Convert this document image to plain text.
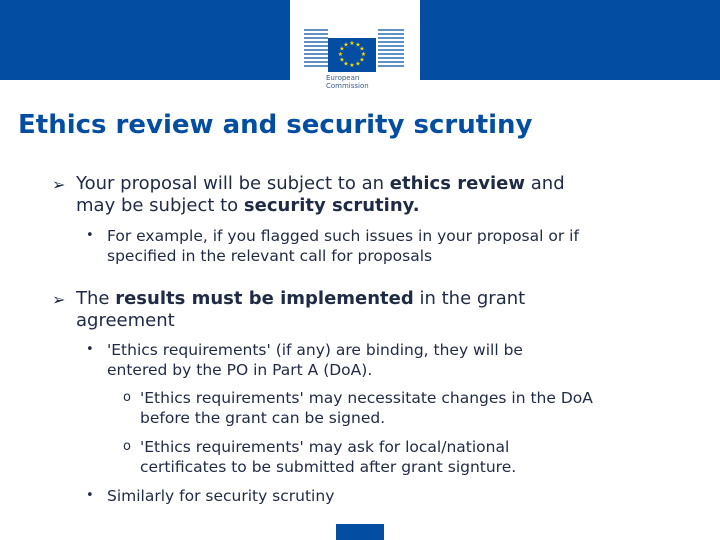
★ ★
★
★
★
★
★
★
★
★
★
★
European
Commission
Ethics review and security scrutiny
➢ Your proposal will be subject to an ethics review and
may be subject to security scrutiny.
• For example, if you flagged such issues in your proposal or if
specified in the relevant call for proposals
➢ The results must be implemented in the grant
agreement
• 'Ethics requirements' (if any) are binding, they will be
entered by the PO in Part A (DoA).
o 'Ethics requirements' may necessitate changes in the DoA
before the grant can be signed.
o 'Ethics requirements' may ask for local/national
certificates to be submitted after grant signture.
• Similarly for security scrutiny
